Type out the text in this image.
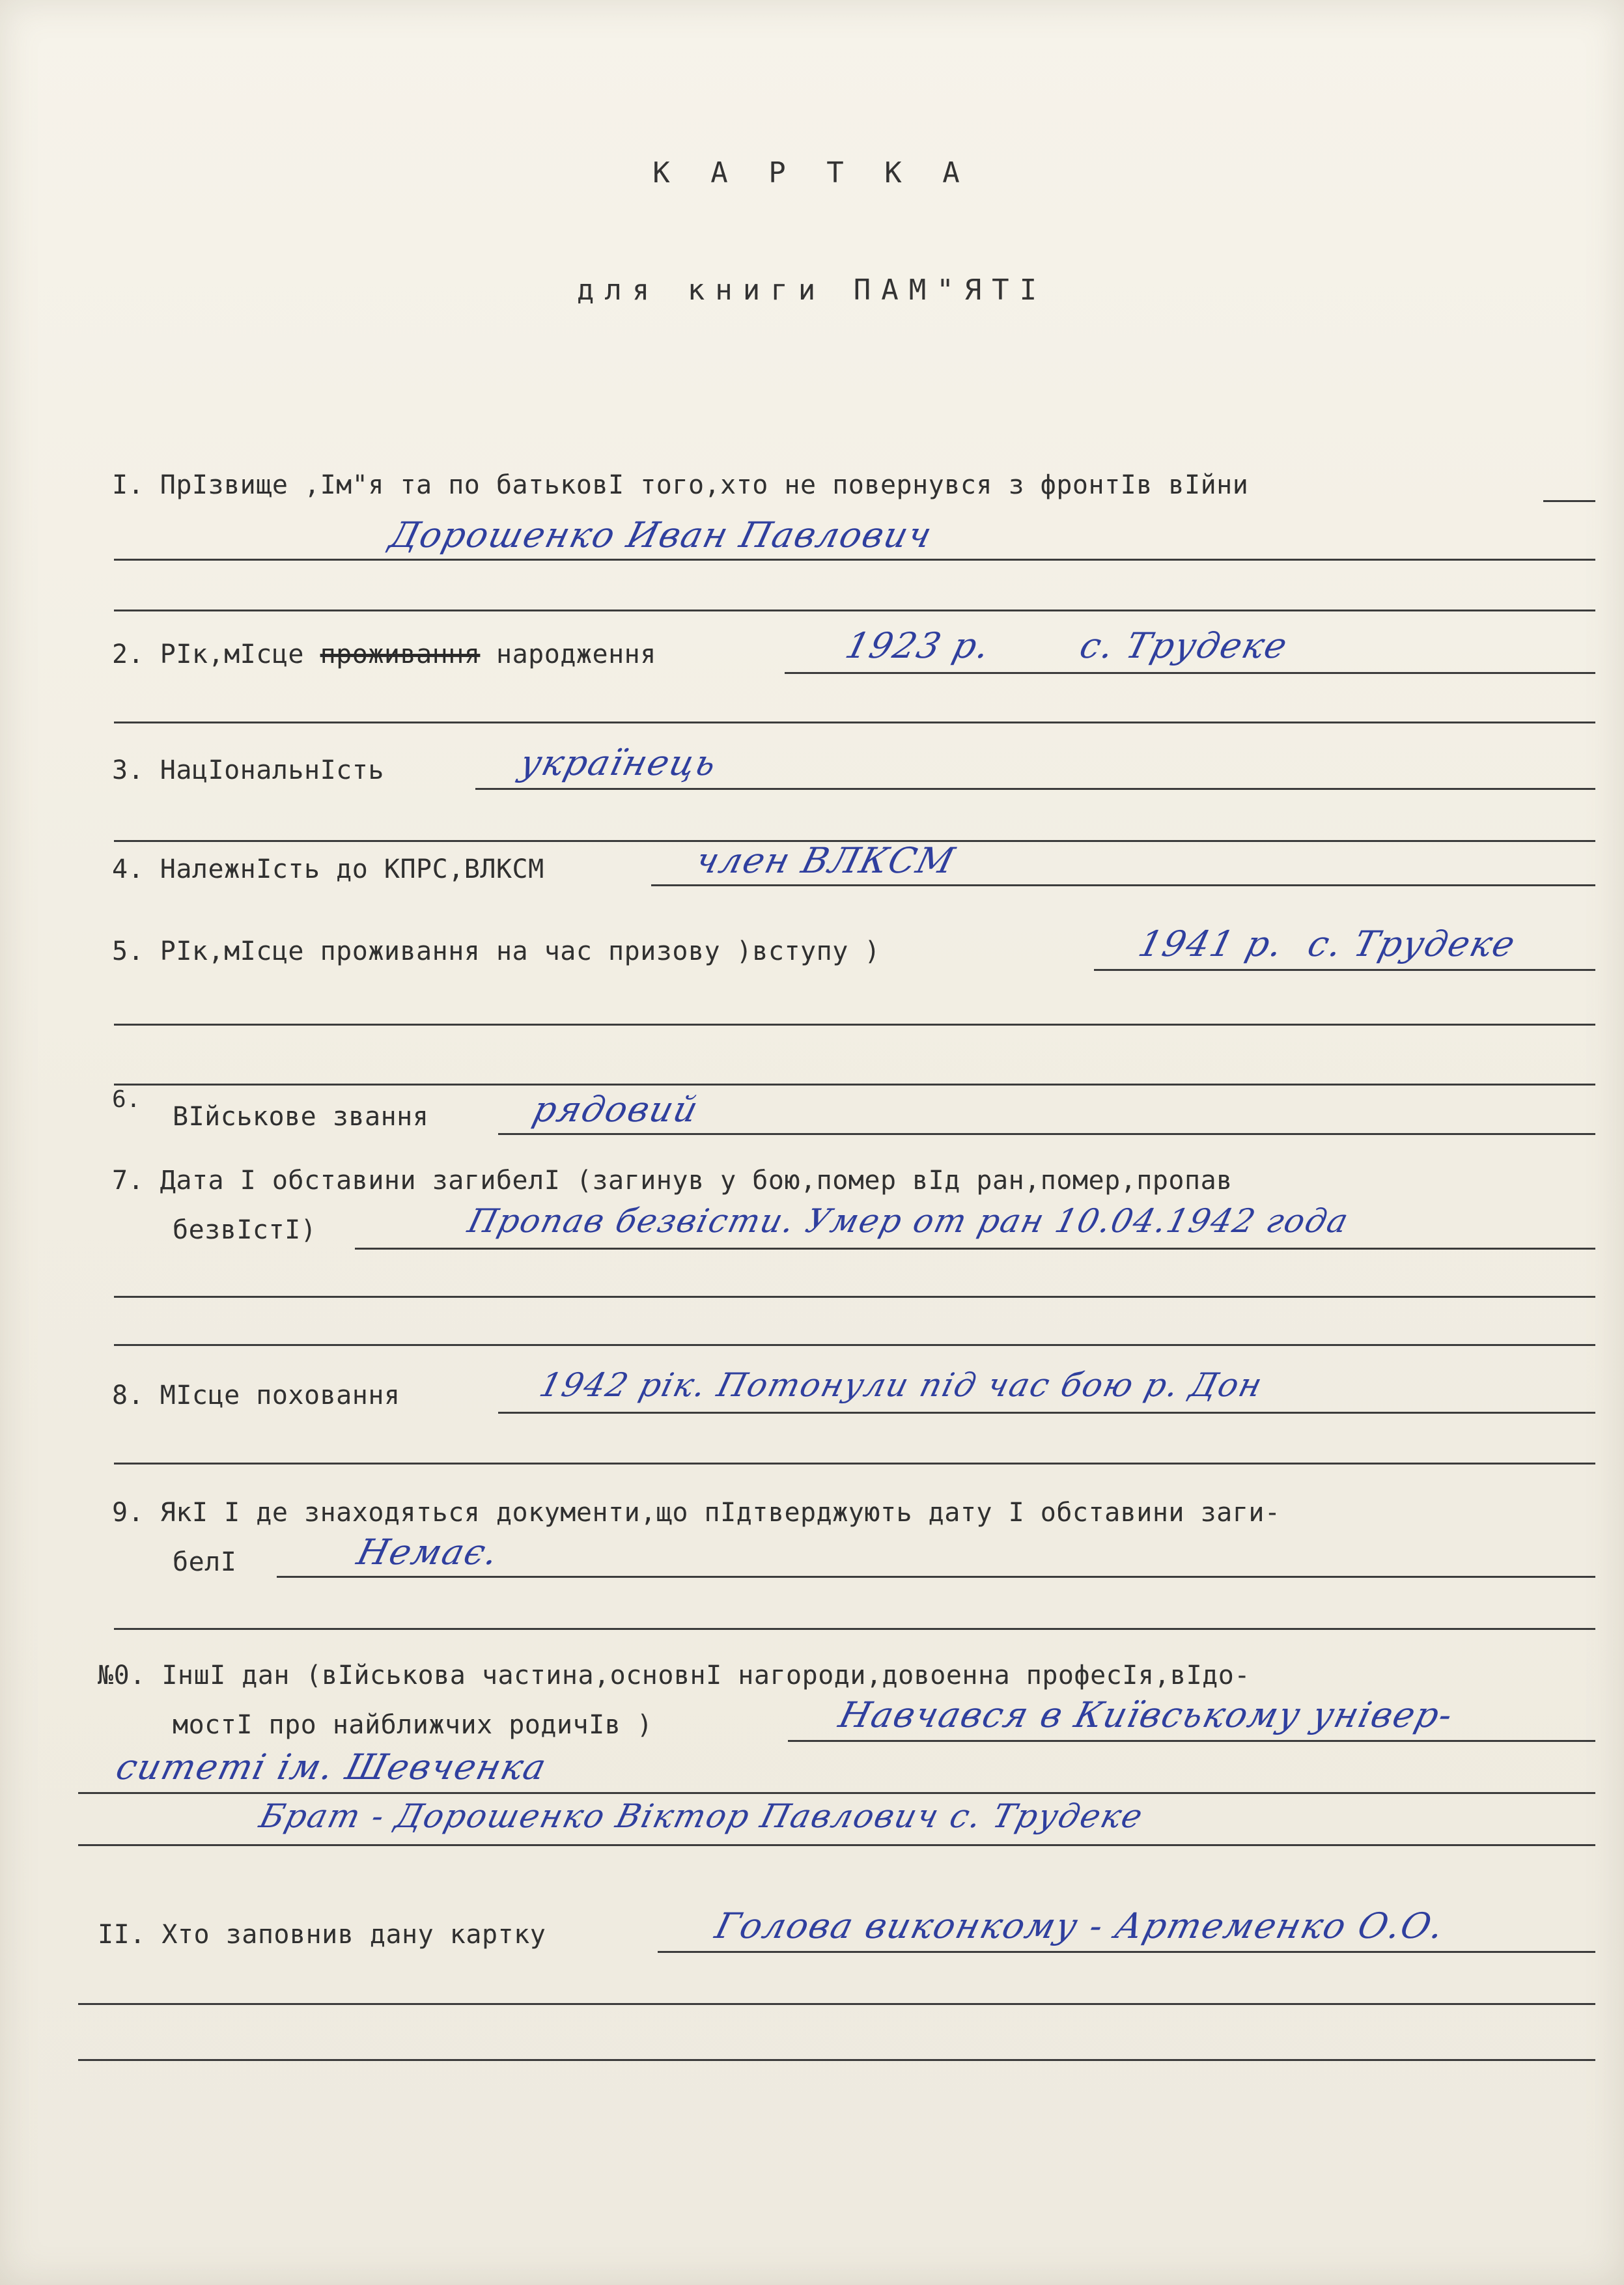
К А Р Т К А
для книги ПАМ"ЯТI
I. ПрIзвище ,Iм"я та по батьковI того,хто не повернувся з фронтIв вIйни
Дорошенко Иван Павлович
2. РIк,мIсце проживання народження	1923 р. с. Трудеке
3. НацIональнIсть	українець
4. НалежнIсть до КПРС,ВЛКСМ	член ВЛКСМ
5. РIк,мIсце проживання на час призову )вступу )	1941 р. с. Трудеке
6.
ВIйськове звання	рядовий
7. Дата I обставини загибелI (загинув у бою,помер вIд ран,помер,пропав
безвIстI)	Пропав безвісти. Умер от ран 10.04.1942 года
8. МIсце поховання	1942 рік. Потонули під час бою р. Дон
9. ЯкI I де знаходяться документи,що пIдтверджують дату I обставини заги-
белI	Немає.
№0. IншI дан (вIйськова частина,основнI нагороди,довоенна професIя,вIдо-
мостI про найближчих родичIв )	Навчався в Київському універ-
ситеті ім. Шевченка
Брат - Дорошенко Віктор Павлович с. Трудеке
II. Хто заповнив дану картку	Голова виконкому - Артеменко О.О.
